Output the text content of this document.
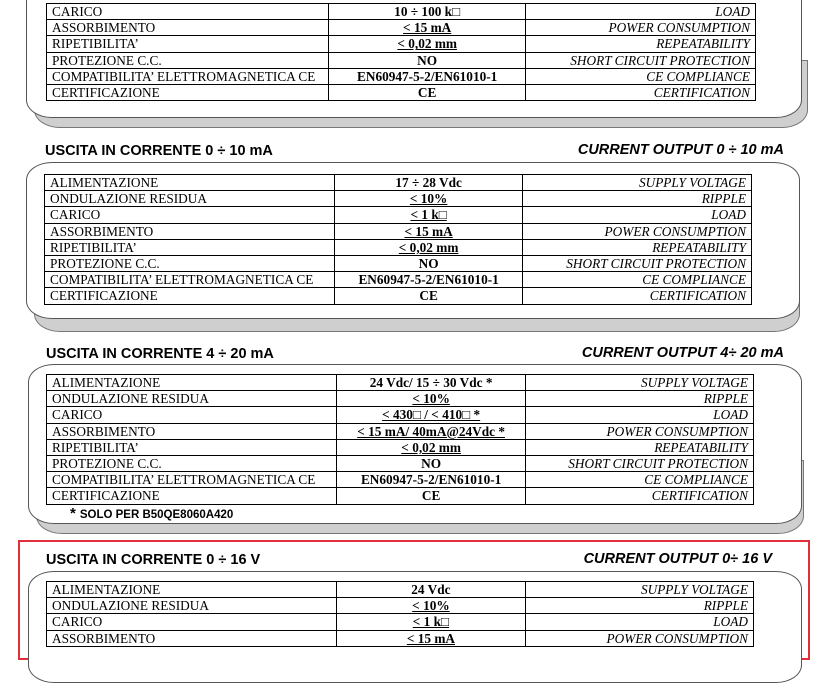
CARICO	10 ÷ 100 k□	LOAD
ASSORBIMENTO	< 15 mA	POWER CONSUMPTION
RIPETIBILITA’	< 0,02 mm	REPEATABILITY
PROTEZIONE C.C.	NO	SHORT CIRCUIT PROTECTION
COMPATIBILITA’ ELETTROMAGNETICA CE	EN60947-5-2/EN61010-1	CE COMPLIANCE
CERTIFICAZIONE	CE	CERTIFICATION
USCITA IN CORRENTE 0 ÷ 10 mA	CURRENT OUTPUT 0 ÷ 10 mA
ALIMENTAZIONE	17 ÷ 28 Vdc	SUPPLY VOLTAGE
ONDULAZIONE RESIDUA	< 10%	RIPPLE
CARICO	< 1 k□	LOAD
ASSORBIMENTO	< 15 mA	POWER CONSUMPTION
RIPETIBILITA’	< 0,02 mm	REPEATABILITY
PROTEZIONE C.C.	NO	SHORT CIRCUIT PROTECTION
COMPATIBILITA’ ELETTROMAGNETICA CE	EN60947-5-2/EN61010-1	CE COMPLIANCE
CERTIFICAZIONE	CE	CERTIFICATION
USCITA IN CORRENTE 4 ÷ 20 mA	CURRENT OUTPUT 4÷ 20 mA
ALIMENTAZIONE	24 Vdc/ 15 ÷ 30 Vdc *	SUPPLY VOLTAGE
ONDULAZIONE RESIDUA	< 10%	RIPPLE
CARICO	< 430□ / < 410□ *	LOAD
ASSORBIMENTO	< 15 mA/ 40mA@24Vdc *	POWER CONSUMPTION
RIPETIBILITA’	< 0,02 mm	REPEATABILITY
PROTEZIONE C.C.	NO	SHORT CIRCUIT PROTECTION
COMPATIBILITA’ ELETTROMAGNETICA CE	EN60947-5-2/EN61010-1	CE COMPLIANCE
CERTIFICAZIONE	CE	CERTIFICATION
* SOLO PER B50QE8060A420
USCITA IN CORRENTE 0 ÷ 16 V	CURRENT OUTPUT 0÷ 16 V
ALIMENTAZIONE	24 Vdc	SUPPLY VOLTAGE
ONDULAZIONE RESIDUA	< 10%	RIPPLE
CARICO	< 1 k□	LOAD
ASSORBIMENTO	< 15 mA	POWER CONSUMPTION
